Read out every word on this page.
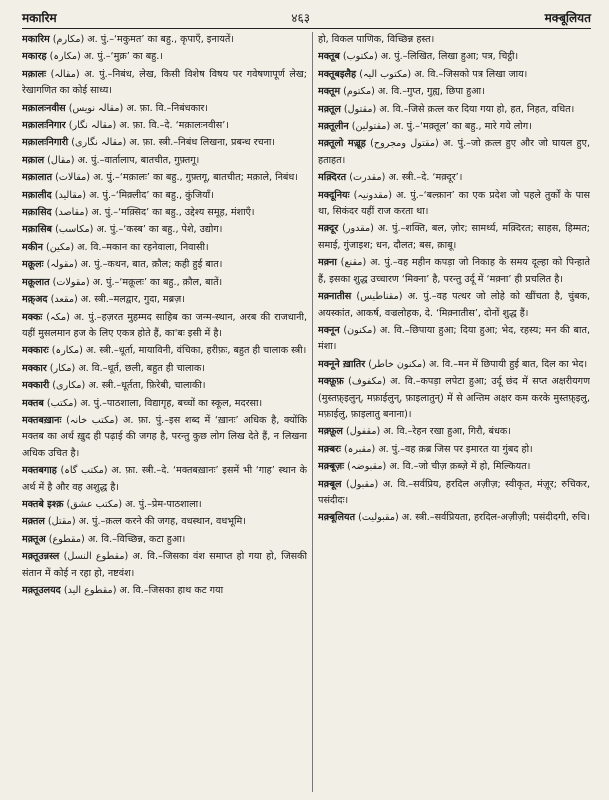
मकारिम	४६३	मक्बूलियत
मकारिम (مکارم) अ. पुं.–‘मकुमत’ का बहु., कृपाएँ, इनायतें।
मकारह (مکارہ) अ. पुं.–‘मुक्र’ का बहु.।
मक़ालः (مقالہ) अ. पुं.–निबंध, लेख, किसी विशेष विषय पर गवेषणापूर्ण लेख; रेखागणित का कोई साध्य।
मक़ालःनवीस (مقالہ نویس) अ. फ़ा. वि.–निबंधकार।
मक़ालःनिगार (مقالہ نگار) अ. फ़ा. वि.–दे. ‘मक़ालःनवीस’।
मक़ालःनिगारी (مقالہ نگاری) अ. फ़ा. स्त्री.–निबंध लिखना, प्रबन्ध रचना।
मक़ाल (مقال) अ. पुं.–वार्तालाप, बातचीत, गुफ़्तगू।
मक़ालात (مقالات) अ. पुं.–‘मक़ालः’ का बहु., गुफ़्तगू, बातचीत; मक़ाले, निबंध।
मक़ालीद (مقالید) अ. पुं.–‘मिक़्लीद’ का बहु., कुंजियाँ।
मक़ासिद (مقاصد) अ. पुं.–‘मक़्सिद’ का बहु., उद्देश्य समूह, मंशाएँ।
मक़ासिब (مکاسب) अ. पुं.–‘कस्ब’ का बहु., पेशे, उद्योग।
मकीन (مکین) अ. वि.–मकान का रहनेवाला, निवासी।
मक़ूलः (مقولہ) अ. पुं.–कथन, बात, क़ौल; कही हुई बात।
मक़ूलात (مقولات) अ. पुं.–‘मक़ूलः’ का बहु., क़ौल, बातें।
मक़्अद (مقعد) अ. स्त्री.–मलद्वार, गुदा, मब्रज़।
मक्कः (مکہ) अ. पुं.–हज़रत मुहम्मद साहिब का जन्म-स्थान, अरब की राजधानी, यहीं मुसलमान हज के लिए एकत्र होते हैं, का'बः इसी में है।
मक्कारः (مکارہ) अ. स्त्री.–धूर्ता, मायाविनी, वंचिका, हरीफ़ः, बहुत ही चालाक स्त्री।
मक्कार (مکار) अ. वि.–धूर्त, छली, बहुत ही चालाक।
मक्कारी (مکاری) अ. स्त्री.–धूर्तता, फ़िरेबी, चालाकी।
मक्तब (مکتب) अ. पुं.–पाठशाला, विद्यागृह, बच्चों का स्कूल, मदरसा।
मक्तबख़ानः (مکتب خانہ) अ. फ़ा. पुं.–इस शब्द में ‘ख़ानः’ अधिक है, क्योंकि मक्तब का अर्थ ख़ुद ही पढ़ाई की जगह है, परन्तु कुछ लोग लिख देते हैं, न लिखना अधिक उचित है।
मक्तबगाह (مکتب گاہ) अ. फ़ा. स्त्री.–दे. ‘मक्तबख़ानः’ इसमें भी ‘गाह’ स्थान के अर्थ में है और वह अशुद्ध है।
मक्तबे इश्क़ (مکتب عشق) अ. पुं.–प्रेम-पाठशाला।
मक़्तल (مقتل) अ. पुं.–क़त्ल करने की जगह, वधस्थान, वधभूमि।
मक़्तूअ (مقطوع) अ. वि.–विच्छिन्न, कटा हुआ।
मक़्तूउन्नस्ल (مقطوع النسل) अ. वि.–जिसका वंश समाप्त हो गया हो, जिसकी संतान में कोई न रहा हो, नष्टवंश।
मक़्तूउलयद (مقطوع الید) अ. वि.–जिसका हाथ कट गया
हो, विकल पाणिक, विच्छिन्न हस्त।
मक्तूब (مکتوب) अ. पुं.–लिखित, लिखा हुआ; पत्र, चिट्ठी।
मक्तूबइलैह (مکتوب الیہ) अ. वि.–जिसको पत्र लिखा जाय।
मक्तूम (مکتوم) अ. वि.–गुप्त, गुह्य, छिपा हुआ।
मक़्तूल (مقتول) अ. वि.–जिसे क़त्ल कर दिया गया हो, हत, निहत, वधित।
मक़्तूलीन (مقتولین) अ. पुं.–‘मक़्तूल’ का बहु., मारे गये लोग।
मक़्तूलो मज़्रूह (مقتول ومجروح) अ. पुं.–जो क़त्ल हुए और जो घायल हुए, हताहत।
मक़्दिरत (مقدرت) अ. स्त्री.–दे. ‘मक़्दूर’।
मक्दूनियः (مقدونیہ) अ. पुं.–‘बल्क़ान’ का एक प्रदेश जो पहले तुर्कों के पास था, सिकंदर यहीं राज करता था।
मक़्दूर (مقدور) अ. पुं.–शक्ति, बल, ज़ोर; सामर्थ्य, मक़्दिरत; साहस, हिम्मत; समाई, गुंजाइश; धन, दौलत; बस, क़ाबू।
मक़्ना (مقنع) अ. पुं.–वह महीन कपड़ा जो निकाह के समय दूल्हा को पिन्हाते हैं, इसका शुद्ध उच्चारण ‘मिक्ना’ है, परन्तु उर्दू में ‘मक़्ना’ ही प्रचलित है।
मक़्नातीस (مقناطیس) अ. पुं.–वह पत्थर जो लोहे को खींचता है, चुंबक, अयस्कांत, आकर्ष, वज्रलोहक, दे. ‘मिक़्नातीस’, दोनों शुद्ध हैं।
मक्नून (مکنون) अ. वि.–छिपाया हुआ; दिया हुआ; भेद, रहस्य; मन की बात, मंशा।
मक्नूने ख़ातिर (مکنون خاطر) अ. वि.–मन में छिपायी हुई बात, दिल का भेद।
मक्फ़ूफ़ (مکفوف) अ. वि.–कपड़ा लपेटा हुआ; उर्दू छंद में सप्त अक्षरीयगण (मुस्तफ़्इलुन्, मफ़ाईलुन्, फ़ाइलातुन्) में से अन्तिम अक्षर कम करके मुस्तफ़्इलु, मफ़ाईलु, फ़ाइलातु बनाना)।
मक़्फ़ूल (مقفول) अ. वि.–रेहन रखा हुआ, गिरौ, बंधक।
मक़्बरः (مقبرہ) अ. पुं.–वह क़ब्र जिस पर इमारत या गुंबद हो।
मक़्बूज़ः (مقبوضہ) अ. वि.–जो चीज़ क़ब्ज़े में हो, मिल्कियत।
मक़्बूल (مقبول) अ. वि.–सर्वप्रिय, हरदिल अज़ीज़; स्वीकृत, मंज़ूर; रुचिकर, पसंदीदः।
मक़्बूलियत (مقبولیت) अ. स्त्री.–सर्वप्रियता, हरदिल-अज़ीज़ी; पसंदीदगी, रुचि।
